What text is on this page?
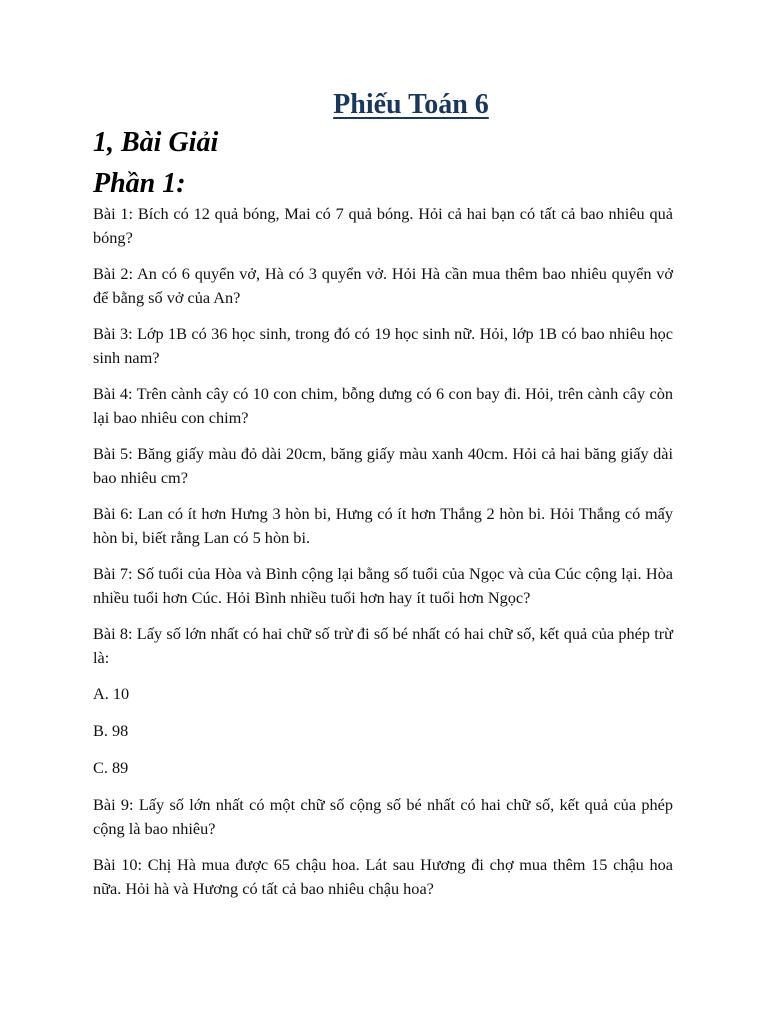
Phiếu Toán 6
1, Bài Giải
Phần 1:

Bài 1: Bích có 12 quả bóng, Mai có 7 quả bóng. Hỏi cả hai bạn có tất cả bao nhiêu quả bóng?

Bài 2: An có 6 quyển vở, Hà có 3 quyển vở. Hỏi Hà cần mua thêm bao nhiêu quyển vở để bằng số vở của An?

Bài 3: Lớp 1B có 36 học sinh, trong đó có 19 học sinh nữ. Hỏi, lớp 1B có bao nhiêu học sinh nam?

Bài 4: Trên cành cây có 10 con chim, bỗng dưng có 6 con bay đi. Hỏi, trên cành cây còn lại bao nhiêu con chim?

Bài 5: Băng giấy màu đỏ dài 20cm, băng giấy màu xanh 40cm. Hỏi cả hai băng giấy dài bao nhiêu cm?

Bài 6: Lan có ít hơn Hưng 3 hòn bi, Hưng có ít hơn Thắng 2 hòn bi. Hỏi Thắng có mấy hòn bi, biết rằng Lan có 5 hòn bi.

Bài 7: Số tuổi của Hòa và Bình cộng lại bằng số tuổi của Ngọc và của Cúc cộng lại. Hòa nhiều tuổi hơn Cúc. Hỏi Bình nhiều tuổi hơn hay ít tuổi hơn Ngọc?

Bài 8: Lấy số lớn nhất có hai chữ số trừ đi số bé nhất có hai chữ số, kết quả của phép trừ là:

A. 10

B. 98

C. 89

Bài 9: Lấy số lớn nhất có một chữ số cộng số bé nhất có hai chữ số, kết quả của phép cộng là bao nhiêu?

Bài 10: Chị Hà mua được 65 chậu hoa. Lát sau Hương đi chợ mua thêm 15 chậu hoa nữa. Hỏi hà và Hương có tất cả bao nhiêu chậu hoa?
